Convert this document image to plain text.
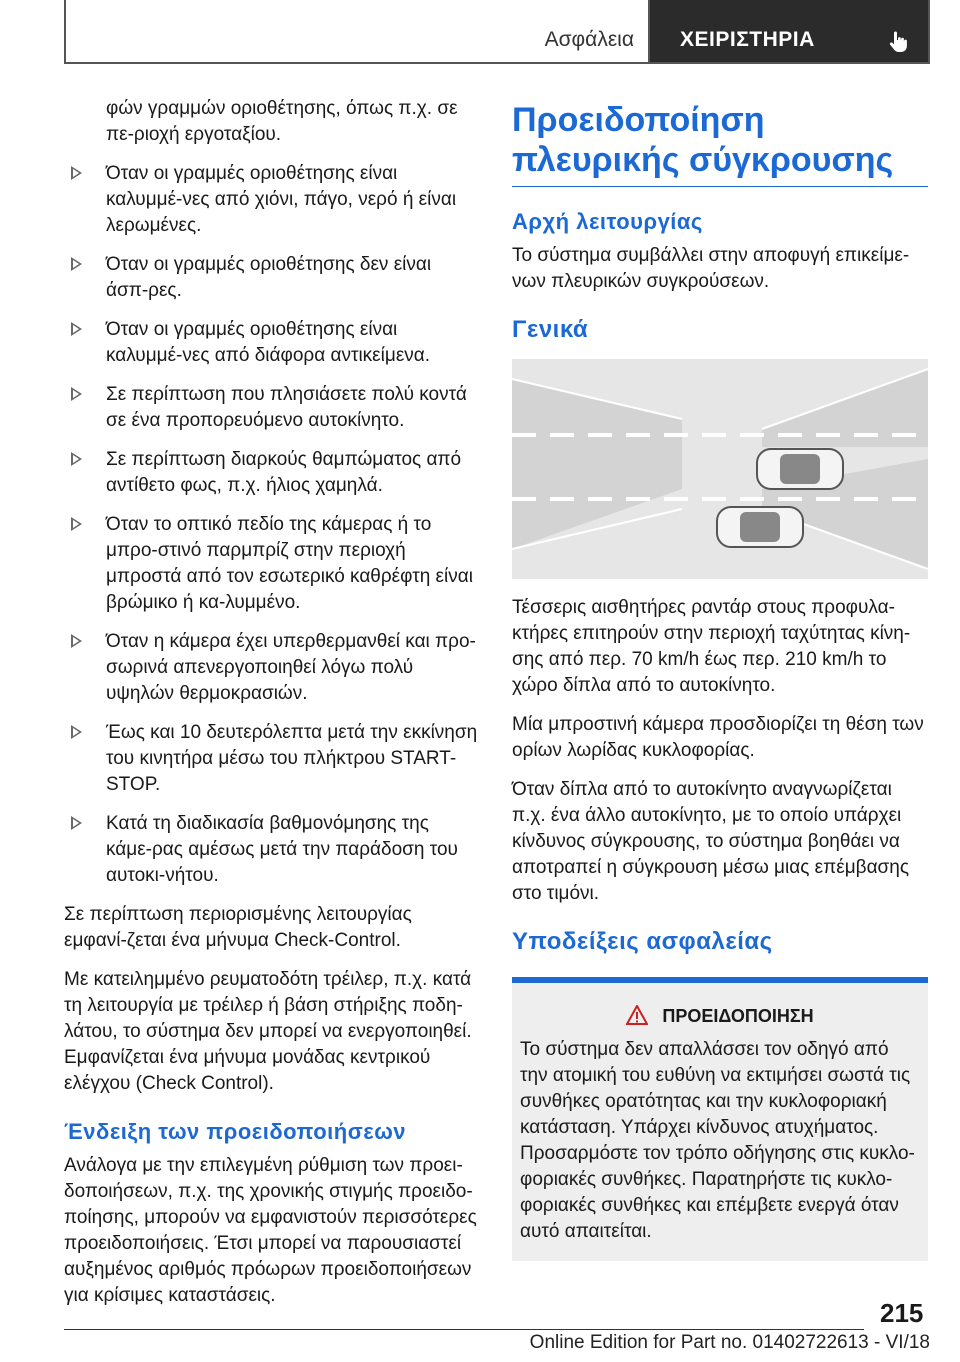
Ασφάλεια	ΧΕΙΡΙΣΤΗΡΙΑ

φών γραμμών οριοθέτησης, όπως π.χ. σε πε-ριοχή εργοταξίου.

Όταν οι γραμμές οριοθέτησης είναι καλυμμέ-νες από χιόνι, πάγο, νερό ή είναι λερωμένες.
Όταν οι γραμμές οριοθέτησης δεν είναι άσπ-ρες.
Όταν οι γραμμές οριοθέτησης είναι καλυμμέ-νες από διάφορα αντικείμενα.
Σε περίπτωση που πλησιάσετε πολύ κοντά σε ένα προπορευόμενο αυτοκίνητο.
Σε περίπτωση διαρκούς θαμπώματος από αντίθετο φως, π.χ. ήλιος χαμηλά.
Όταν το οπτικό πεδίο της κάμερας ή το μπρο-στινό παρμπρίζ στην περιοχή μπροστά από τον εσωτερικό καθρέφτη είναι βρώμικο ή κα-λυμμένο.
Όταν η κάμερα έχει υπερθερμανθεί και προ-σωρινά απενεργοποιηθεί λόγω πολύ υψηλών θερμοκρασιών.
Έως και 10 δευτερόλεπτα μετά την εκκίνηση του κινητήρα μέσω του πλήκτρου START-STOP.
Κατά τη διαδικασία βαθμονόμησης της κάμε-ρας αμέσως μετά την παράδοση του αυτοκι-νήτου.

Σε περίπτωση περιορισμένης λειτουργίας εμφανί-ζεται ένα μήνυμα Check-Control.

Με κατειλημμένο ρευματοδότη τρέιλερ, π.χ. κατά τη λειτουργία με τρέιλερ ή βάση στήριξης ποδη-λάτου, το σύστημα δεν μπορεί να ενεργοποιηθεί. Εμφανίζεται ένα μήνυμα μονάδας κεντρικού ελέγχου (Check Control).

Ένδειξη των προειδοποιήσεων

Ανάλογα με την επιλεγμένη ρύθμιση των προει-δοποιήσεων, π.χ. της χρονικής στιγμής προειδο-ποίησης, μπορούν να εμφανιστούν περισσότερες προειδοποιήσεις. Έτσι μπορεί να παρουσιαστεί αυξημένος αριθμός πρόωρων προειδοποιήσεων για κρίσιμες καταστάσεις.

Προειδοποίηση πλευρικής σύγκρουσης
Αρχή λειτουργίας

Το σύστημα συμβάλλει στην αποφυγή επικείμε-νων πλευρικών συγκρούσεων.

Γενικά

Τέσσερις αισθητήρες ραντάρ στους προφυλα-κτήρες επιτηρούν στην περιοχή ταχύτητας κίνη-σης από περ. 70 km/h έως περ. 210 km/h το χώρο δίπλα από το αυτοκίνητο.

Μία μπροστινή κάμερα προσδιορίζει τη θέση των ορίων λωρίδας κυκλοφορίας.

Όταν δίπλα από το αυτοκίνητο αναγνωρίζεται π.χ. ένα άλλο αυτοκίνητο, με το οποίο υπάρχει κίνδυνος σύγκρουσης, το σύστημα βοηθάει να αποτραπεί η σύγκρουση μέσω μιας επέμβασης στο τιμόνι.

Υποδείξεις ασφαλείας
ΠΡΟΕΙΔΟΠΟΙΗΣΗ

Το σύστημα δεν απαλλάσσει τον οδηγό από την ατομική του ευθύνη να εκτιμήσει σωστά τις συνθήκες ορατότητας και την κυκλοφοριακή κατάσταση. Υπάρχει κίνδυνος ατυχήματος. Προσαρμόστε τον τρόπο οδήγησης στις κυκλο-φοριακές συνθήκες. Παρατηρήστε τις κυκλο-φοριακές συνθήκες και επέμβετε ενεργά όταν αυτό απαιτείται.

215
Online Edition for Part no. 01402722613 - VI/18
